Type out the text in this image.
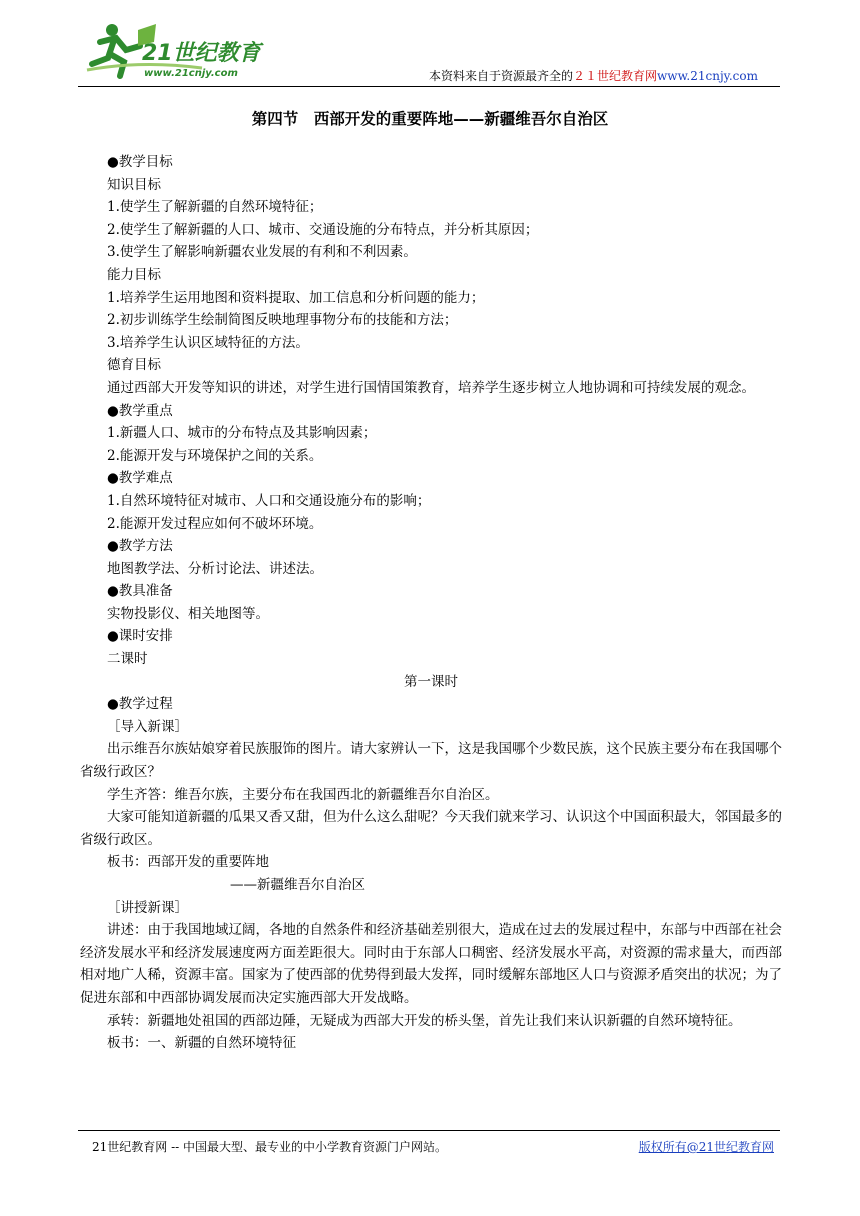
21世纪教育
www.21cnjy.com	本资料来自于资源最齐全的２１世纪教育网www.21cnjy.com
第四节　西部开发的重要阵地——新疆维吾尔自治区
●教学目标
知识目标
1.使学生了解新疆的自然环境特征；
2.使学生了解新疆的人口、城市、交通设施的分布特点，并分析其原因；
3.使学生了解影响新疆农业发展的有利和不利因素。
能力目标
1.培养学生运用地图和资料提取、加工信息和分析问题的能力；
2.初步训练学生绘制简图反映地理事物分布的技能和方法；
3.培养学生认识区域特征的方法。
德育目标
通过西部大开发等知识的讲述，对学生进行国情国策教育，培养学生逐步树立人地协调和可持续发展的观念。
●教学重点
1.新疆人口、城市的分布特点及其影响因素；
2.能源开发与环境保护之间的关系。
●教学难点
1.自然环境特征对城市、人口和交通设施分布的影响；
2.能源开发过程应如何不破坏环境。
●教学方法
地图教学法、分析讨论法、讲述法。
●教具准备
实物投影仪、相关地图等。
●课时安排
二课时
第一课时
●教学过程
［导入新课］
出示维吾尔族姑娘穿着民族服饰的图片。请大家辨认一下，这是我国哪个少数民族，这个民族主要分布在我国哪个省级行政区？
学生齐答：维吾尔族，主要分布在我国西北的新疆维吾尔自治区。
大家可能知道新疆的瓜果又香又甜，但为什么这么甜呢？今天我们就来学习、认识这个中国面积最大，邻国最多的省级行政区。
板书：西部开发的重要阵地
——新疆维吾尔自治区
［讲授新课］
讲述：由于我国地域辽阔，各地的自然条件和经济基础差别很大，造成在过去的发展过程中，东部与中西部在社会经济发展水平和经济发展速度两方面差距很大。同时由于东部人口稠密、经济发展水平高，对资源的需求量大，而西部相对地广人稀，资源丰富。国家为了使西部的优势得到最大发挥，同时缓解东部地区人口与资源矛盾突出的状况；为了促进东部和中西部协调发展而决定实施西部大开发战略。
承转：新疆地处祖国的西部边陲，无疑成为西部大开发的桥头堡，首先让我们来认识新疆的自然环境特征。
板书：一、新疆的自然环境特征
21世纪教育网 -- 中国最大型、最专业的中小学教育资源门户网站。	版权所有@21世纪教育网
